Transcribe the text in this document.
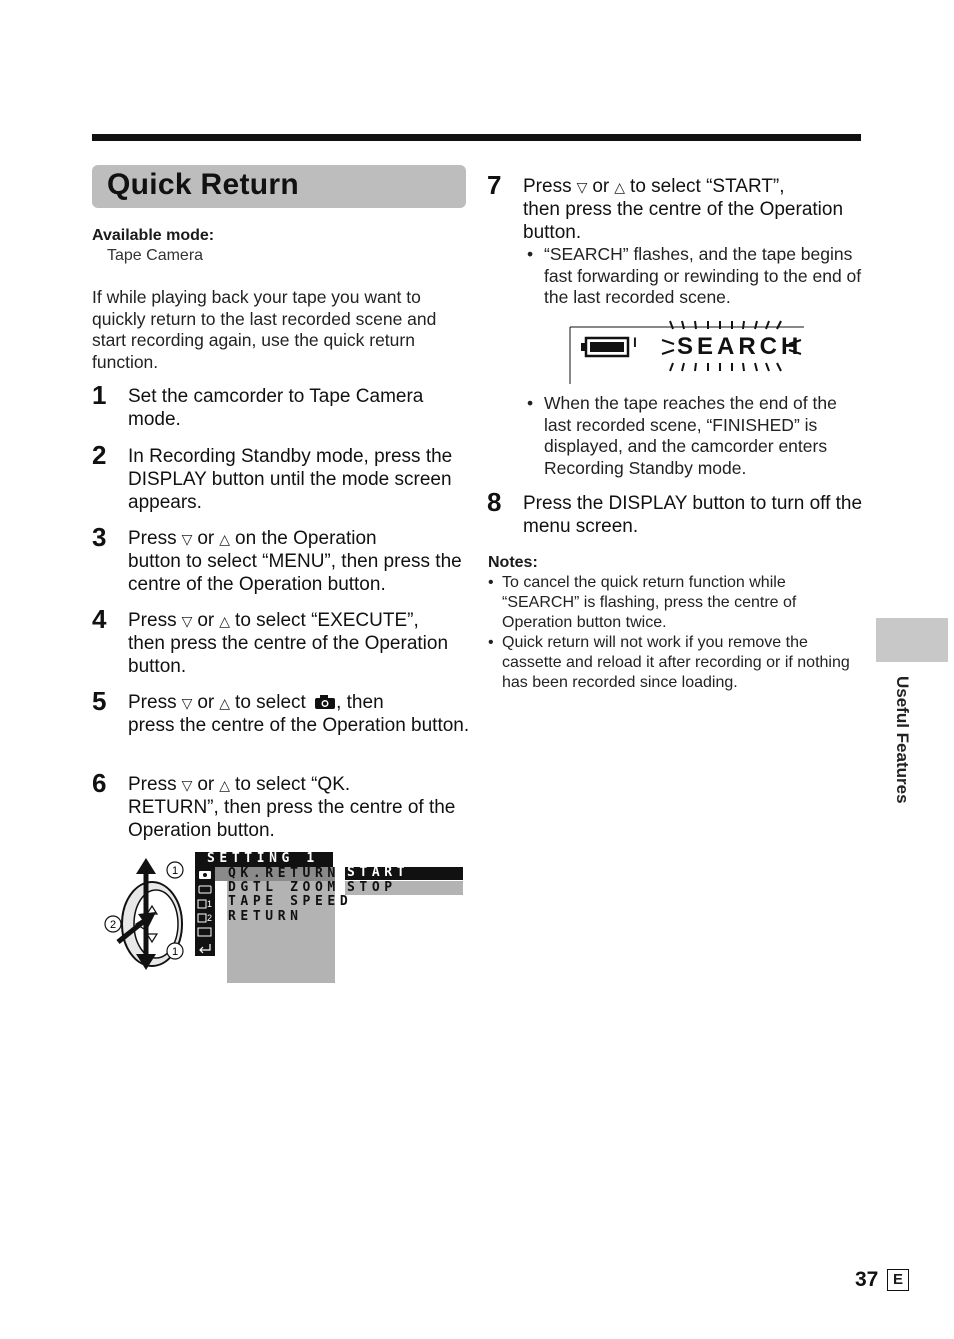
Quick Return
Available mode:
Tape Camera
If while playing back your tape you want to quickly return to the last recorded scene and start recording again, use the quick return function.
1 Set the camcorder to Tape Camera mode.
2 In Recording Standby mode, press the DISPLAY button until the mode screen appears.
3 Press ▽ or △ on the Operation
button to select “MENU”, then press the centre of the Operation button.
4 Press ▽ or △ to select “EXECUTE”,
then press the centre of the Operation button.
5 Press ▽ or △ to select , then
press the centre of the Operation button.
6 Press ▽ or △ to select “QK.
RETURN”, then press the centre of the Operation button.
1
2
1
1
2
SETTING 1
QK.RETURN
DGTL ZOOM
TAPE SPEED
RETURN
START
STOP
7 Press ▽ or △ to select “START”,
then press the centre of the Operation button.
• “SEARCH” flashes, and the tape begins fast forwarding or rewinding to the end of the last recorded scene.
I SEARCH
• When the tape reaches the end of the last recorded scene, “FINISHED” is displayed, and the camcorder enters Recording Standby mode.
8 Press the DISPLAY button to turn off the menu screen.
Notes:
• To cancel the quick return function while “SEARCH” is flashing, press the centre of Operation button twice.
• Quick return will not work if you remove the cassette and reload it after recording or if nothing has been recorded since loading.	Useful Features
37 E
